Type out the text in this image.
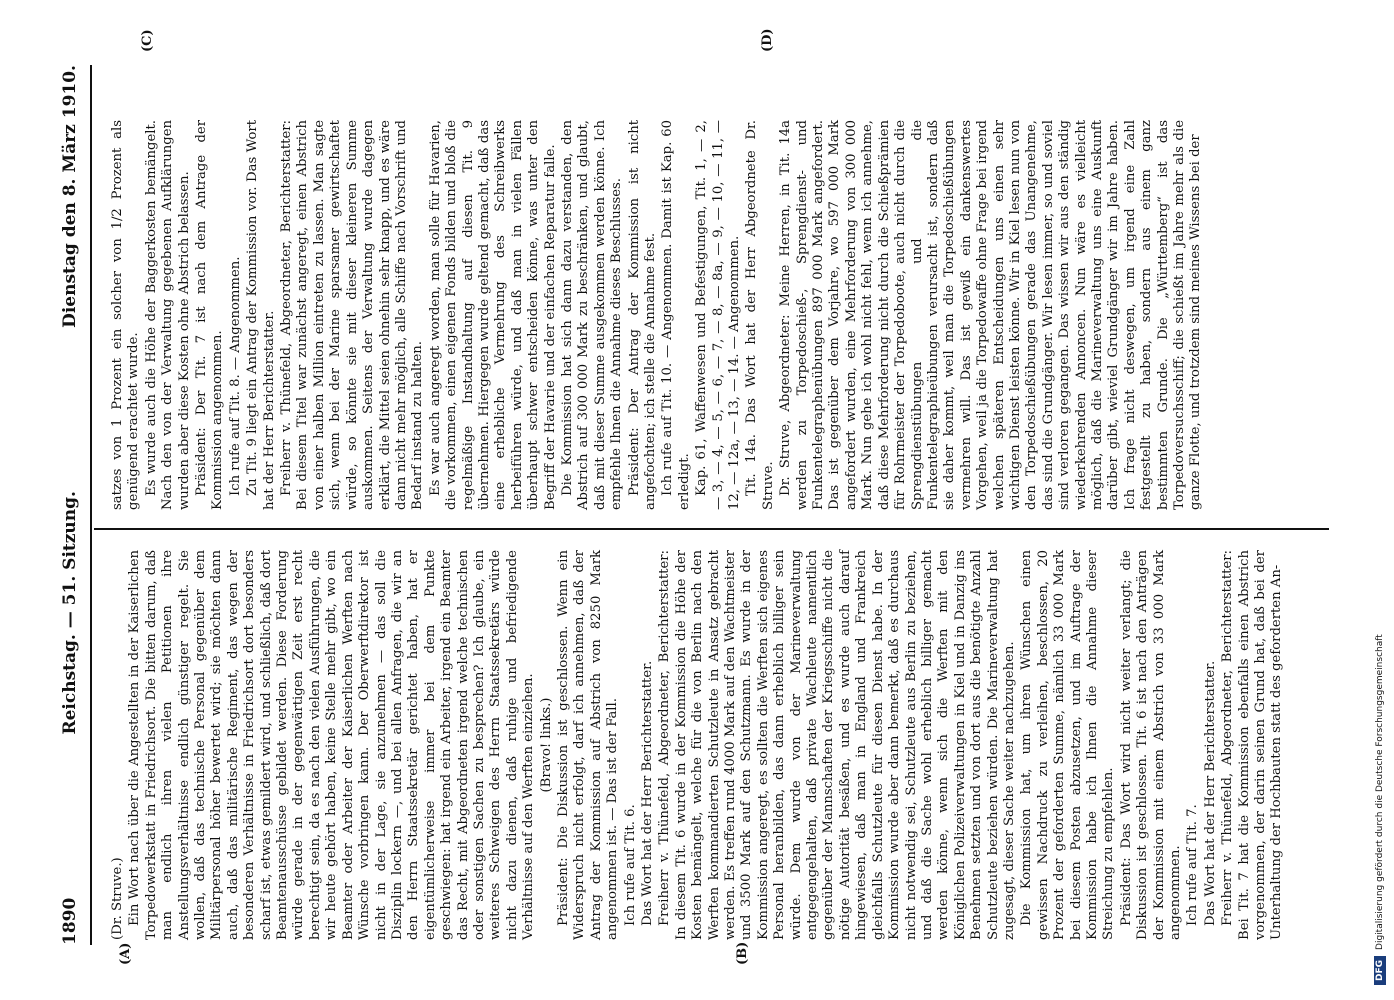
1890
Reichstag. — 51. Sitzung.
Dienstag den 8. März 1910.
(A)	(B)
(C)	(D)

(Dr. Struve.) Ein Wort nach über die Angestellten in der Kaiserlichen Torpedowerkstatt in Friedrichsort. Die bitten darum, daß man endlich ihren vielen Petitionen ihre Anstellungsverhältnisse endlich günstiger regelt. Sie wollen, daß das technische Personal gegenüber dem Militärpersonal höher bewertet wird; sie möchten dann auch, daß das militärische Regiment, das wegen der besonderen Verhältnisse in Friedrichsort dort besonders scharf ist, etwas gemildert wird, und schließlich, daß dort Beamtenausschüsse gebildet werden. Diese Forderung würde gerade in der gegenwärtigen Zeit erst recht berechtigt sein, da es nach den vielen Ausführungen, die wir heute gehört haben, keine Stelle mehr gibt, wo ein Beamter oder Arbeiter der Kaiserlichen Werften nach Wünsche vorbringen kann. Der Oberwerftdirektor ist nicht in der Lage, sie anzunehmen — das soll die Disziplin lockern —, und bei allen Anfragen, die wir an den Herrn Staatssekretär gerichtet haben, hat er eigentümlicherweise immer bei dem Punkte geschwiegen: hat irgend ein Arbeiter, irgend ein Beamter das Recht, mit Abgeordneten irgend welche technischen oder sonstigen Sachen zu besprechen? Ich glaube, ein weiteres Schweigen des Herrn Staatssekretärs würde nicht dazu dienen, daß ruhige und befriedigende Verhältnisse auf den Werften einziehen. (Bravo! links.) Präsident: Die Diskussion ist geschlossen. Wenn ein Widerspruch nicht erfolgt, darf ich annehmen, daß der Antrag der Kommission auf Abstrich von 8250 Mark angenommen ist. — Das ist der Fall. Ich rufe auf Tit. 6. Das Wort hat der Herr Berichterstatter. Freiherr v. Thünefeld, Abgeordneter, Berichterstatter: In diesem Tit. 6 wurde in der Kommission die Höhe der Kosten bemängelt, welche für die von Berlin nach den Werften kommandierten Schutzleute in Ansatz gebracht werden. Es treffen rund 4000 Mark auf den Wachtmeister und 3500 Mark auf den Schutzmann. Es wurde in der Kommission angeregt, es sollten die Werften sich eigenes Personal heranbilden, das dann erheblich billiger sein würde. Dem wurde von der Marineverwaltung entgegengehalten, daß private Wachleute namentlich gegenüber der Mannschaften der Kriegsschiffe nicht die nötige Autorität besäßen, und es wurde auch darauf hingewiesen, daß man in England und Frankreich gleichfalls Schutzleute für diesen Dienst habe. In der Kommission wurde aber dann bemerkt, daß es durchaus nicht notwendig sei, Schutzleute aus Berlin zu beziehen, und daß die Sache wohl erheblich billiger gemacht werden könne, wenn sich die Werften mit den Königlichen Polizeiverwaltungen in Kiel und in Danzig ins Benehmen setzten und von dort aus die benötigte Anzahl Schutzleute beziehen würden. Die Marineverwaltung hat zugesagt, dieser Sache weiter nachzugehen. Die Kommission hat, um ihren Wünschen einen gewissen Nachdruck zu verleihen, beschlossen, 20 Prozent der geforderten Summe, nämlich 33 000 Mark bei diesem Posten abzusetzen, und im Auftrage der Kommission habe ich Ihnen die Annahme dieser Streichung zu empfehlen. Präsident: Das Wort wird nicht weiter verlangt; die Diskussion ist geschlossen. Tit. 6 ist nach den Anträgen der Kommission mit einem Abstrich von 33 000 Mark angenommen. Ich rufe auf Tit. 7. Das Wort hat der Herr Berichterstatter. Freiherr v. Thünefeld, Abgeordneter, Berichterstatter: Bei Tit. 7 hat die Kommission ebenfalls einen Abstrich vorgenommen, der darin seinen Grund hat, daß bei der Unterhaltung der Hochbauten statt des geforderten An-

satzes von 1 Prozent ein solcher von 1/2 Prozent als genügend erachtet wurde. Es wurde auch die Höhe der Baggerkosten bemängelt. Nach den von der Verwaltung gegebenen Aufklärungen wurden aber diese Kosten ohne Abstrich belassen. Präsident: Der Tit. 7 ist nach dem Antrage der Kommission angenommen. Ich rufe auf Tit. 8. — Angenommen. Zu Tit. 9 liegt ein Antrag der Kommission vor. Das Wort hat der Herr Berichterstatter. Freiherr v. Thünefeld, Abgeordneter, Berichterstatter: Bei diesem Titel war zunächst angeregt, einen Abstrich von einer halben Million eintreten zu lassen. Man sagte sich, wenn bei der Marine sparsamer gewirtschaftet würde, so könnte sie mit dieser kleineren Summe auskommen. Seitens der Verwaltung wurde dagegen erklärt, die Mittel seien ohnehin sehr knapp, und es wäre dann nicht mehr möglich, alle Schiffe nach Vorschrift und Bedarf instand zu halten. Es war auch angeregt worden, man solle für Havarien, die vorkommen, einen eigenen Fonds bilden und bloß die regelmäßige Instandhaltung auf diesen Tit. 9 übernehmen. Hiergegen wurde geltend gemacht, daß das eine erhebliche Vermehrung des Schreibwerks herbeiführen würde, und daß man in vielen Fällen überhaupt schwer entscheiden könne, was unter den Begriff der Havarie und der einfachen Reparatur falle. Die Kommission hat sich dann dazu verstanden, den Abstrich auf 300 000 Mark zu beschränken, und glaubt, daß mit dieser Summe ausgekommen werden könne. Ich empfehle Ihnen die Annahme dieses Beschlusses. Präsident: Der Antrag der Kommission ist nicht angefochten; ich stelle die Annahme fest. Ich rufe auf Tit. 10. — Angenommen. Damit ist Kap. 60 erledigt. Kap. 61, Waffenwesen und Befestigungen, Tit. 1, — 2, — 3, — 4, — 5, — 6, — 7, — 8, — 8a, — 9, — 10, — 11, — 12, — 12a, — 13, — 14. — Angenommen. Tit. 14a. Das Wort hat der Herr Abgeordnete Dr. Struve. Dr. Struve, Abgeordneter: Meine Herren, in Tit. 14a werden zu Torpedoschieß-, Sprengdienst- und Funkentelegraphenübungen 897 000 Mark angefordert. Das ist gegenüber dem Vorjahre, wo 597 000 Mark angefordert wurden, eine Mehrforderung von 300 000 Mark. Nun gehe ich wohl nicht fehl, wenn ich annehme, daß diese Mehrforderung nicht durch die Schießprämien für Rohrmeister der Torpedoboote, auch nicht durch die Sprengdienstübungen und die Funkentelegraphieübungen verursacht ist, sondern daß sie daher kommt, weil man die Torpedoschießübungen vermehren will. Das ist gewiß ein dankenswertes Vorgehen, weil ja die Torpedowaffe ohne Frage bei irgend welchen späteren Entscheidungen uns einen sehr wichtigen Dienst leisten könne. Wir in Kiel lesen nun von den Torpedoschießübungen gerade das Unangenehme, das sind die Grundgänger. Wir lesen immer, so und soviel sind verloren gegangen. Das wissen wir aus den ständig wiederkehrenden Annoncen. Nun wäre es vielleicht möglich, daß die Marineverwaltung uns eine Auskunft darüber gibt, wieviel Grundgänger wir im Jahre haben. Ich frage nicht deswegen, um irgend eine Zahl festgestellt zu haben, sondern aus einem ganz bestimmten Grunde. Die „Württemberg“ ist das Torpedoversuchsschiff; die schießt im Jahre mehr als die ganze Flotte, und trotzdem sind meines Wissens bei der

DFGDigitalisierung gefördert durch die Deutsche Forschungsgemeinschaft
